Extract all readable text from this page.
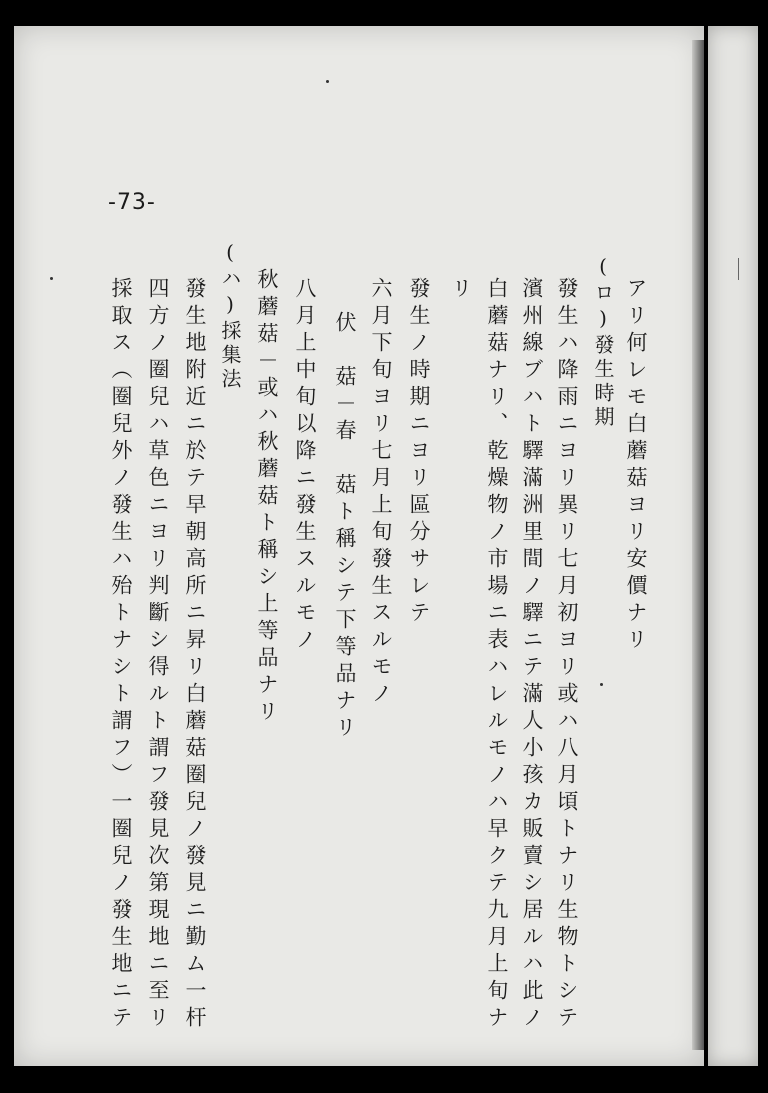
-73-
アリ何レモ白蘑菇ヨリ安價ナリ
(ロ)發生時期
發生ハ降雨ニヨリ異リ七月初ヨリ或ハ八月頃トナリ生物トシテ
濱州線ブハト驛滿洲里間ノ驛ニテ滿人小孩カ販賣シ居ルハ此ノ
白蘑菇ナリ、乾燥物ノ市場ニ表ハレルモノハ早クテ九月上旬ナ
リ
發生ノ時期ニヨリ區分サレテ
六月下旬ヨリ七月上旬發生スルモノ
伏　菇－春　菇ト稱シテ下等品ナリ
八月上中旬以降ニ發生スルモノ
秋蘑菇－或ハ秋蘑菇ト稱シ上等品ナリ
(ハ)採集法
發生地附近ニ於テ早朝高所ニ昇リ白蘑菇圈兒ノ發見ニ勤ム一杆
四方ノ圈兒ハ草色ニヨリ判斷シ得ルト謂フ發見次第現地ニ至リ
採取ス（圈兒外ノ發生ハ殆トナシト謂フ）一圈兒ノ發生地ニテ
